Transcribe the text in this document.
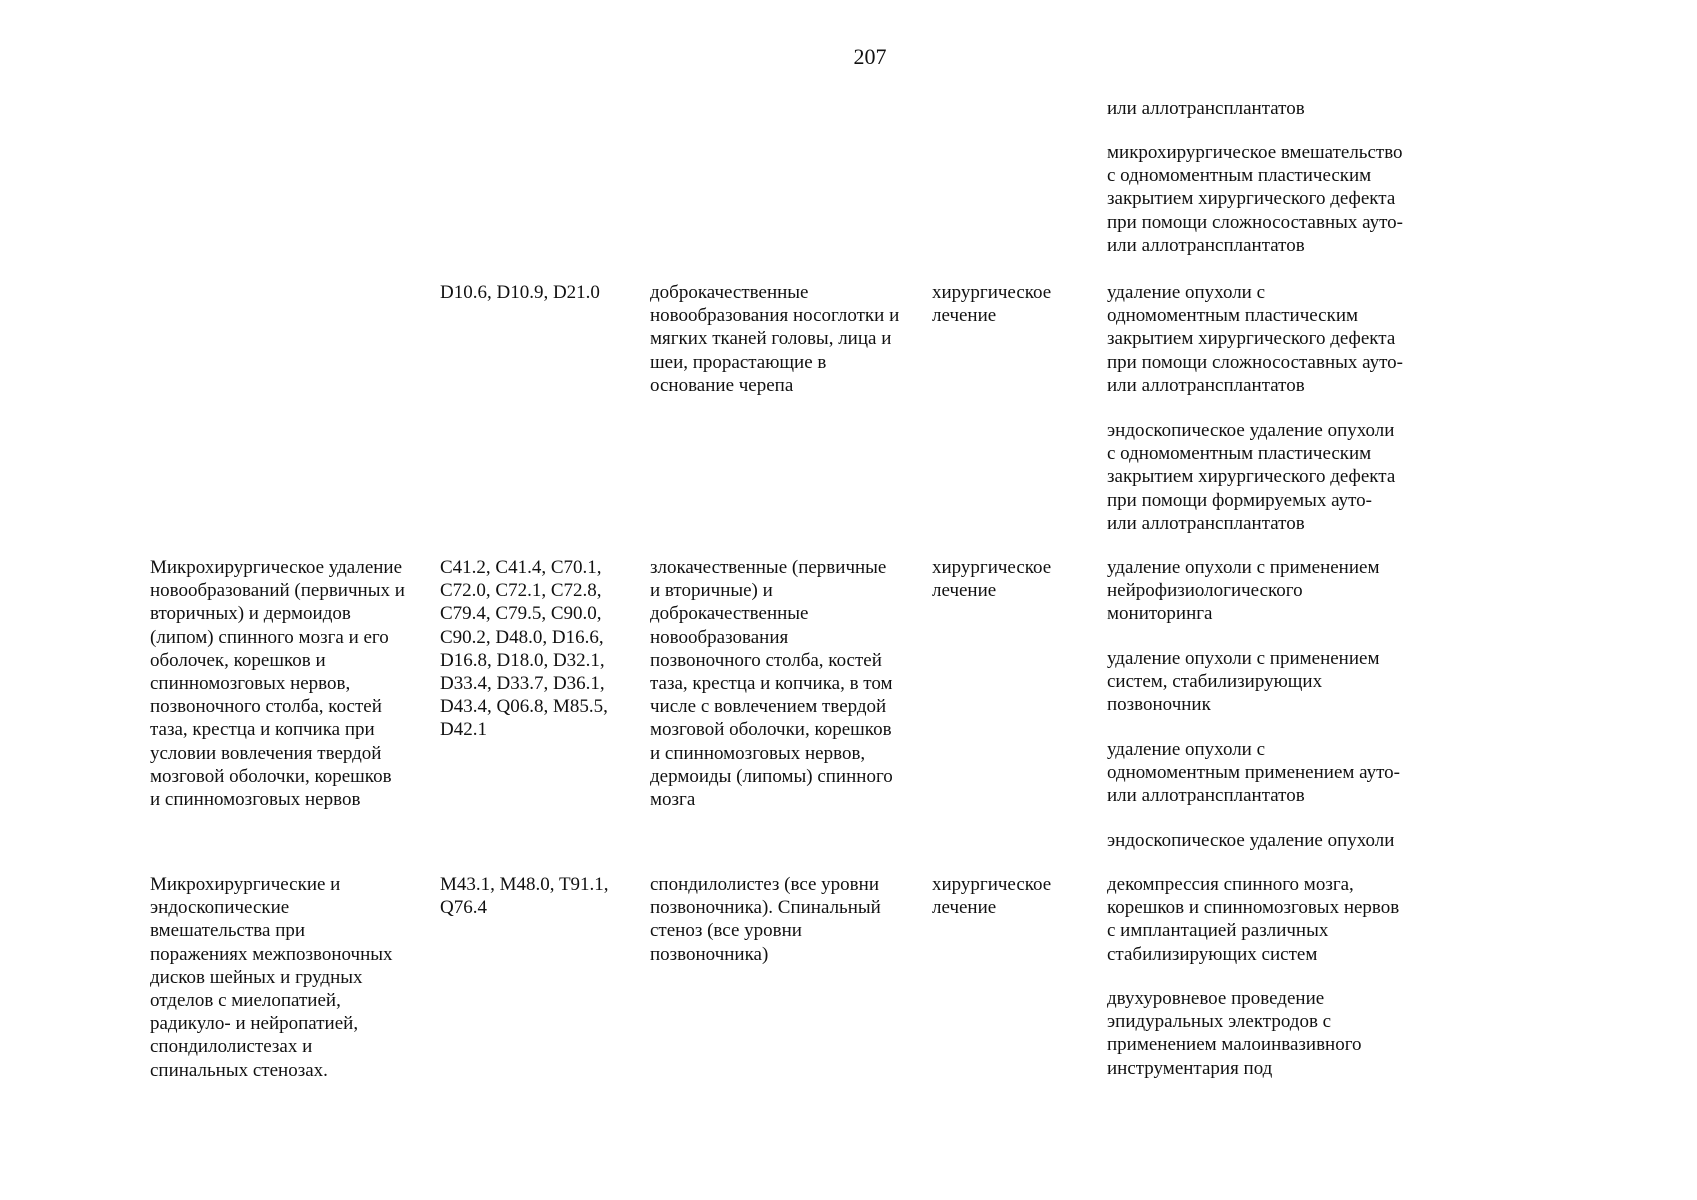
207
или аллотрансплантатов
микрохирургическое вмешательство
с одномоментным пластическим
закрытием хирургического дефекта
при помощи сложносоставных ауто-
или аллотрансплантатов
D10.6, D10.9, D21.0	доброкачественные
новообразования носоглотки и
мягких тканей головы, лица и
шеи, прорастающие в
основание черепа
хирургическое
лечение
удаление опухоли с
одномоментным пластическим
закрытием хирургического дефекта
при помощи сложносоставных ауто-
или аллотрансплантатов
эндоскопическое удаление опухоли
с одномоментным пластическим
закрытием хирургического дефекта
при помощи формируемых ауто-
или аллотрансплантатов
Микрохирургическое удаление
новообразований (первичных и
вторичных) и дермоидов
(липом) спинного мозга и его
оболочек, корешков и
спинномозговых нервов,
позвоночного столба, костей
таза, крестца и копчика при
условии вовлечения твердой
мозговой оболочки, корешков
и спинномозговых нервов
C41.2, C41.4, C70.1,
C72.0, C72.1, C72.8,
C79.4, C79.5, C90.0,
C90.2, D48.0, D16.6,
D16.8, D18.0, D32.1,
D33.4, D33.7, D36.1,
D43.4, Q06.8, M85.5,
D42.1
злокачественные (первичные
и вторичные) и
доброкачественные
новообразования
позвоночного столба, костей
таза, крестца и копчика, в том
числе с вовлечением твердой
мозговой оболочки, корешков
и спинномозговых нервов,
дермоиды (липомы) спинного
мозга
хирургическое
лечение
удаление опухоли с применением
нейрофизиологического
мониторинга
удаление опухоли с применением
систем, стабилизирующих
позвоночник
удаление опухоли с
одномоментным применением ауто-
или аллотрансплантатов
эндоскопическое удаление опухоли
Микрохирургические и
эндоскопические
вмешательства при
поражениях межпозвоночных
дисков шейных и грудных
отделов с миелопатией,
радикуло- и нейропатией,
спондилолистезах и
спинальных стенозах.
M43.1, M48.0, T91.1,
Q76.4
спондилолистез (все уровни
позвоночника). Спинальный
стеноз (все уровни
позвоночника)
хирургическое
лечение
декомпрессия спинного мозга,
корешков и спинномозговых нервов
с имплантацией различных
стабилизирующих систем
двухуровневое проведение
эпидуральных электродов с
применением малоинвазивного
инструментария под
